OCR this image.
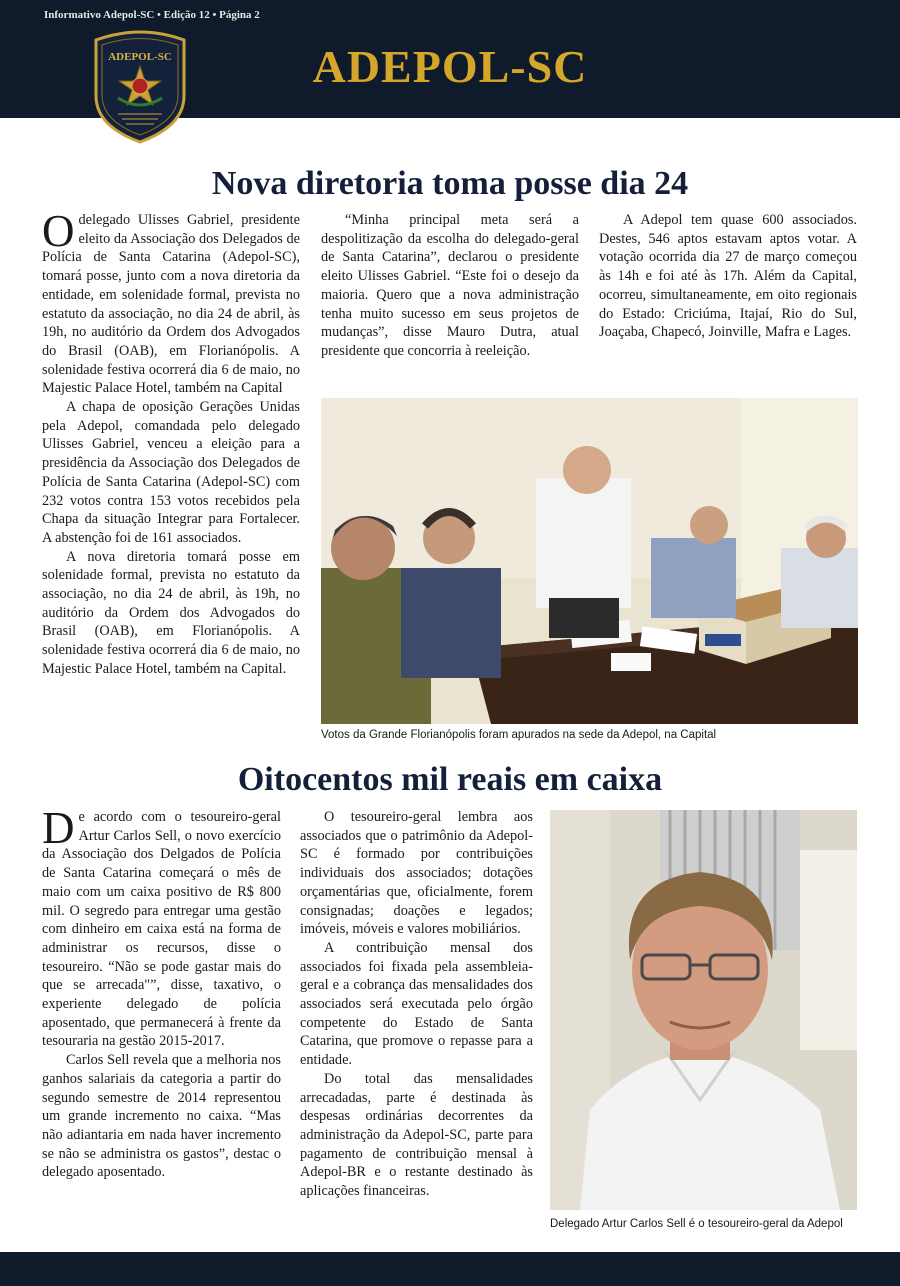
ADEPOL-SC	ADEPOL-SC
Nova diretoria toma posse dia 24

Odelegado Ulisses Gabriel, presidente eleito da Associação dos Delegados de Polícia de Santa Catarina (Adepol-SC), tomará posse, junto com a nova diretoria da entidade, em solenidade formal, prevista no estatuto da associação, no dia 24 de abril, às 19h, no auditório da Ordem dos Advogados do Brasil (OAB), em Florianópolis. A solenidade festiva ocorrerá dia 6 de maio, no Majestic Palace Hotel, também na Capital

A chapa de oposição Gerações Unidas pela Adepol, comandada pelo delegado Ulisses Gabriel, venceu a eleição para a presidência da Associação dos Delegados de Polícia de Santa Catarina (Adepol-SC) com 232 votos contra 153 votos recebidos pela Chapa da situação Integrar para Fortalecer. A abstenção foi de 161 associados.

A nova diretoria tomará posse em solenidade formal, prevista no estatuto da associação, no dia 24 de abril, às 19h, no auditório da Ordem dos Advogados do Brasil (OAB), em Florianópolis. A solenidade festiva ocorrerá dia 6 de maio, no Majestic Palace Hotel, também na Capital.

“Minha principal meta será a despolitização da escolha do delegado-geral de Santa Catarina”, declarou o presidente eleito Ulisses Gabriel. “Este foi o desejo da maioria. Quero que a nova administração tenha muito sucesso em seus projetos de mudanças”, disse Mauro Dutra, atual presidente que concorria à reeleição.

A Adepol tem quase 600 associados. Destes, 546 aptos estavam aptos votar. A votação ocorrida dia 27 de março começou às 14h e foi até às 17h. Além da Capital, ocorreu, simultaneamente, em oito regionais do Estado: Criciúma, Itajaí, Rio do Sul, Joaçaba, Chapecó, Joinville, Mafra e Lages.

Votos da Grande Florianópolis foram apurados na sede da Adepol, na Capital
Oitocentos mil reais em caixa

De acordo com o tesoureiro-geral Artur Carlos Sell, o novo exercício da Associação dos Delgados de Polícia de Santa Catarina começará o mês de maio com um caixa positivo de R$ 800 mil. O segredo para entregar uma gestão com dinheiro em caixa está na forma de administrar os recursos, disse o tesoureiro. “Não se pode gastar mais do que se arrecada"”, disse, taxativo, o experiente delegado de polícia aposentado, que permanecerá à frente da tesouraria na gestão 2015-2017.

Carlos Sell revela que a melhoria nos ganhos salariais da categoria a partir do segundo semestre de 2014 representou um grande incremento no caixa. “Mas não adiantaria em nada haver incremento se não se administra os gastos”, destac o delegado aposentado.

O tesoureiro-geral lembra aos associados que o patrimônio da Adepol-SC é formado por contribuições individuais dos associados; dotações orçamentárias que, oficialmente, forem consignadas; doações e legados; imóveis, móveis e valores mobiliários.

A contribuição mensal dos associados foi fixada pela assembleia-geral e a cobrança das mensalidades dos associados será executada pelo órgão competente do Estado de Santa Catarina, que promove o repasse para a entidade.

Do total das mensalidades arrecadadas, parte é destinada às despesas ordinárias decorrentes da administração da Adepol-SC, parte para pagamento de contribuição mensal à Adepol-BR e o restante destinado às aplicações financeiras.

Delegado Artur Carlos Sell é o tesoureiro-geral da Adepol
Informativo Adepol-SC • Edição 12 • Página 2
